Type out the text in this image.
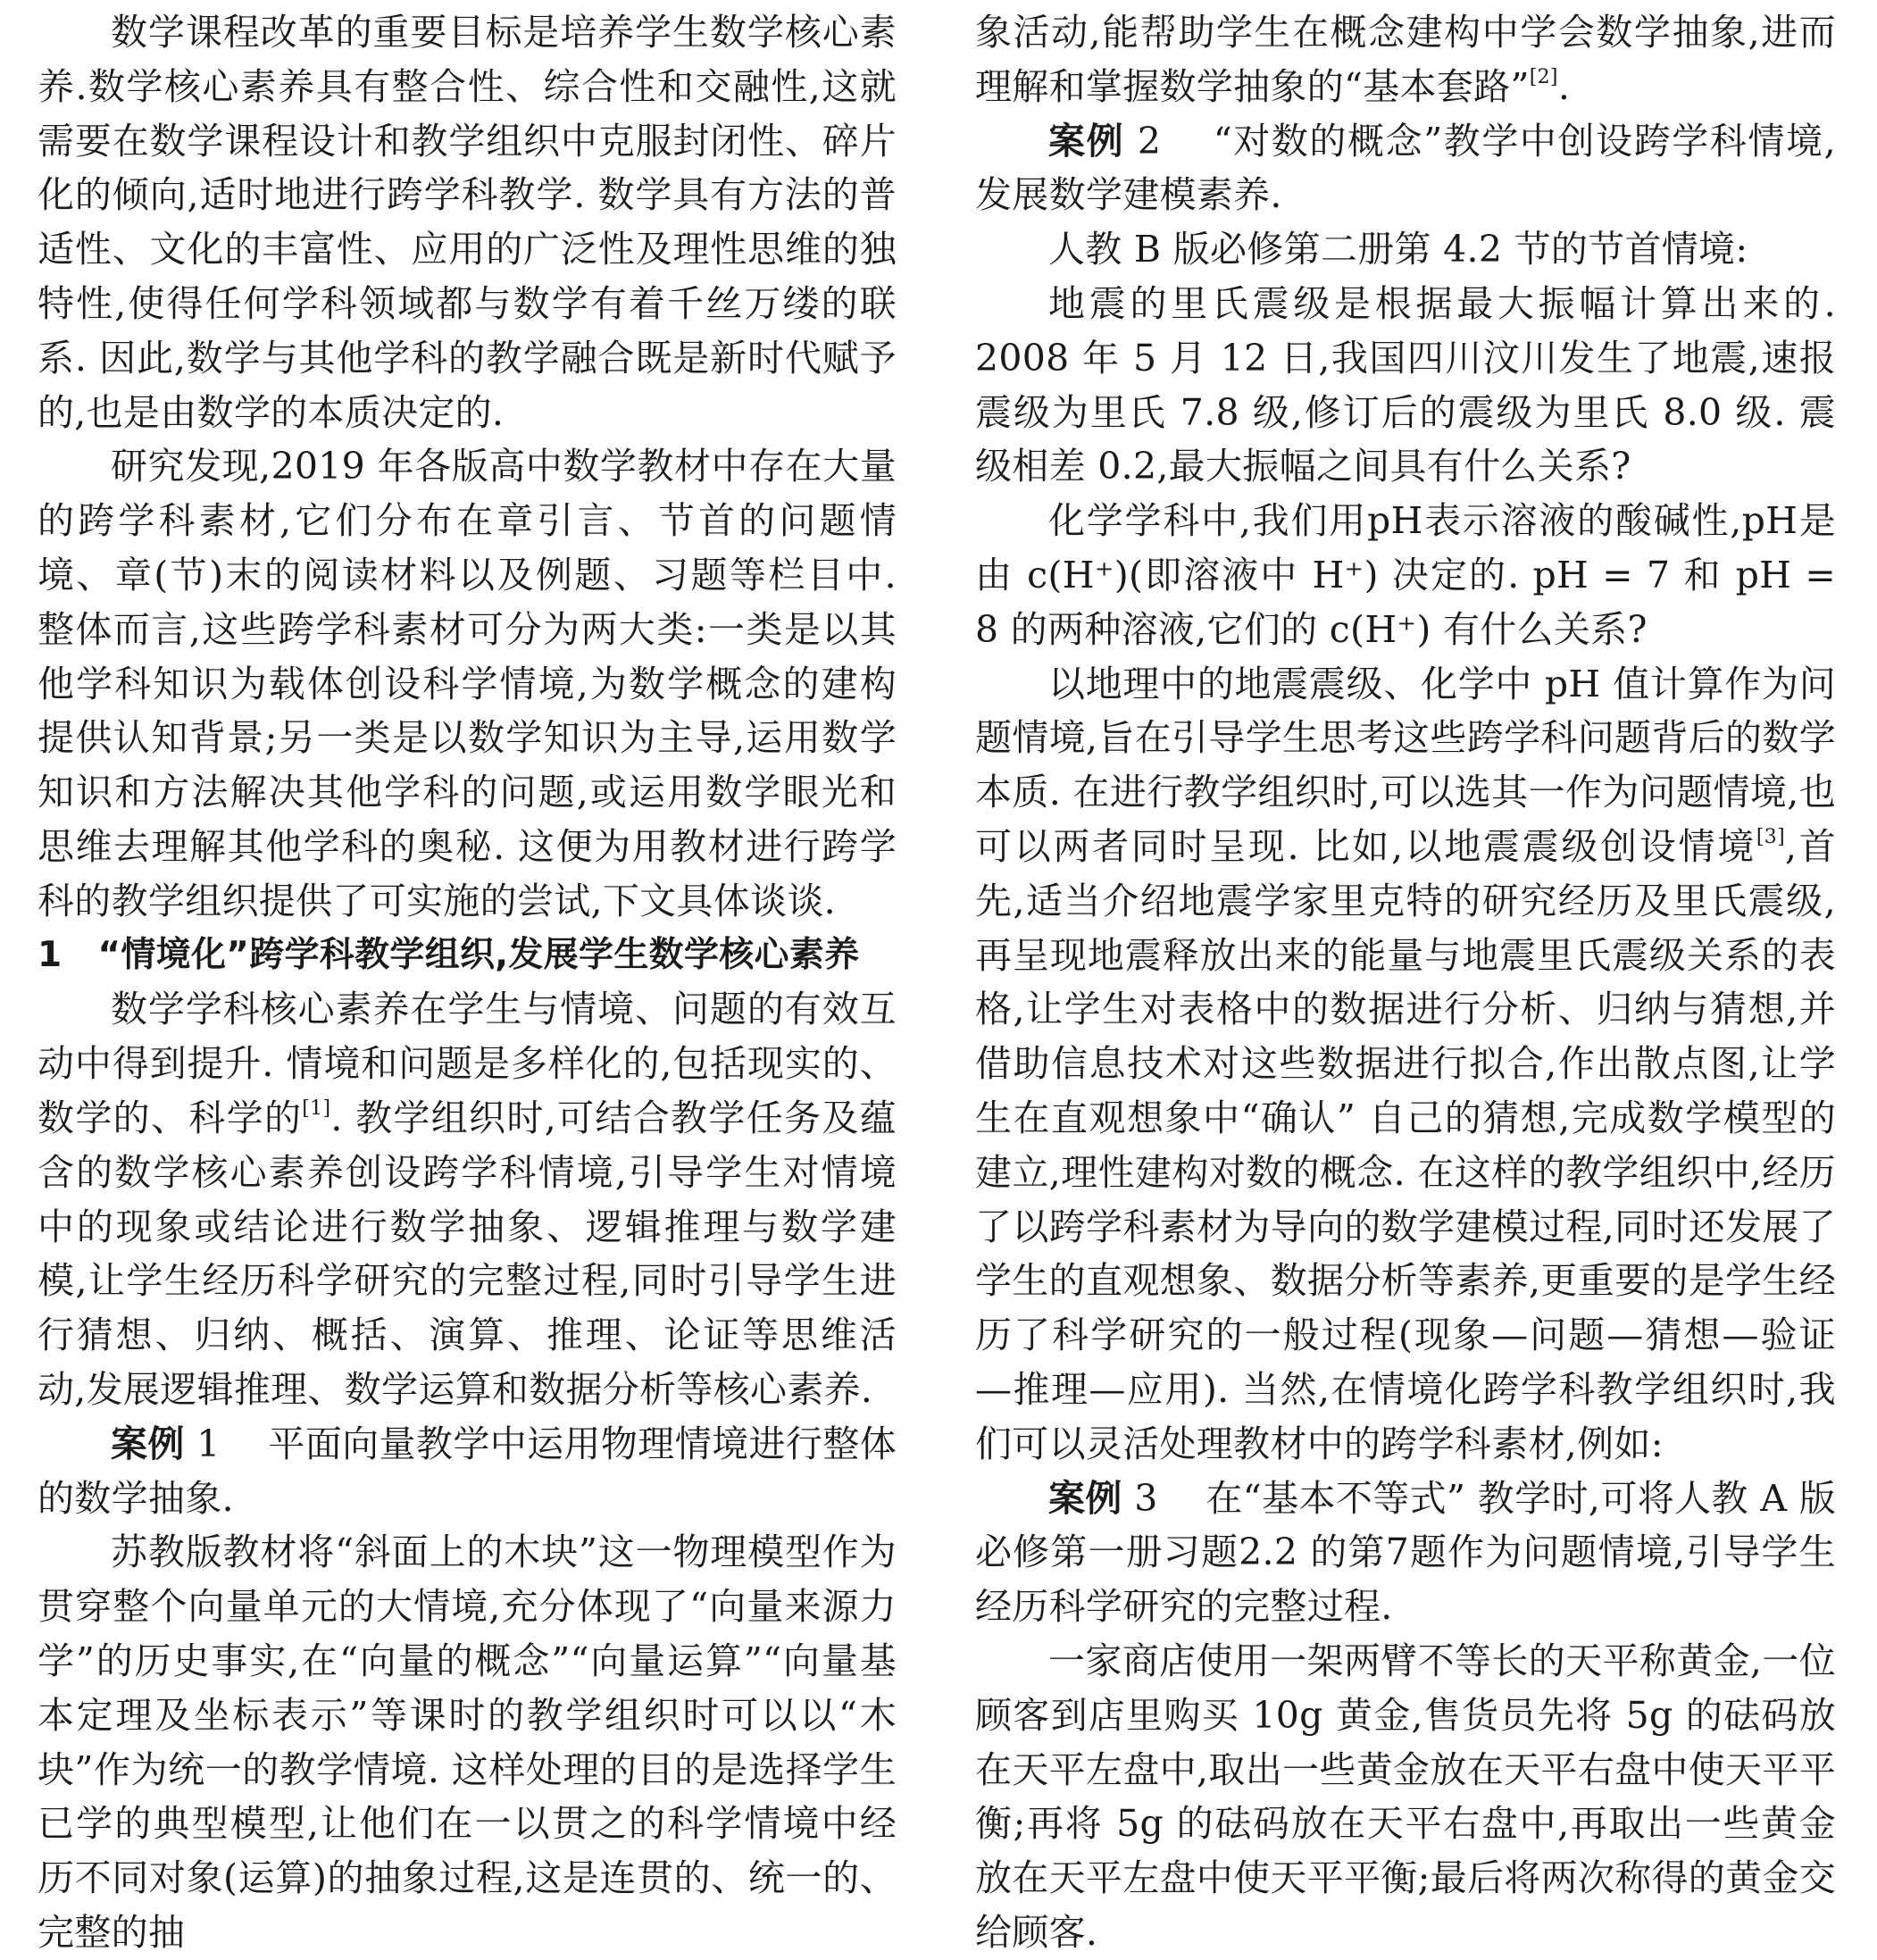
数学课程改革的重要目标是培养学生数学核心素养.数学核心素养具有整合性、综合性和交融性,这就需要在数学课程设计和教学组织中克服封闭性、碎片化的倾向,适时地进行跨学科教学. 数学具有方法的普适性、文化的丰富性、应用的广泛性及理性思维的独特性,使得任何学科领域都与数学有着千丝万缕的联系. 因此,数学与其他学科的教学融合既是新时代赋予的,也是由数学的本质决定的.

研究发现,2019 年各版高中数学教材中存在大量的跨学科素材,它们分布在章引言、节首的问题情境、章(节)末的阅读材料以及例题、习题等栏目中. 整体而言,这些跨学科素材可分为两大类:一类是以其他学科知识为载体创设科学情境,为数学概念的建构提供认知背景;另一类是以数学知识为主导,运用数学知识和方法解决其他学科的问题,或运用数学眼光和思维去理解其他学科的奥秘. 这便为用教材进行跨学科的教学组织提供了可实施的尝试,下文具体谈谈.

1 “情境化”跨学科教学组织,发展学生数学核心素养

数学学科核心素养在学生与情境、问题的有效互动中得到提升. 情境和问题是多样化的,包括现实的、数学的、科学的[1]. 教学组织时,可结合教学任务及蕴含的数学核心素养创设跨学科情境,引导学生对情境中的现象或结论进行数学抽象、逻辑推理与数学建模,让学生经历科学研究的完整过程,同时引导学生进行猜想、归纳、概括、演算、推理、论证等思维活动,发展逻辑推理、数学运算和数据分析等核心素养.

案例 1 平面向量教学中运用物理情境进行整体的数学抽象.

苏教版教材将“斜面上的木块”这一物理模型作为贯穿整个向量单元的大情境,充分体现了“向量来源力学”的历史事实,在“向量的概念”“向量运算”“向量基本定理及坐标表示”等课时的教学组织时可以以“木块”作为统一的教学情境. 这样处理的目的是选择学生已学的典型模型,让他们在一以贯之的科学情境中经历不同对象(运算)的抽象过程,这是连贯的、统一的、完整的抽

象活动,能帮助学生在概念建构中学会数学抽象,进而理解和掌握数学抽象的“基本套路”[2].

案例 2 “对数的概念”教学中创设跨学科情境,发展数学建模素养.

人教 B 版必修第二册第 4.2 节的节首情境:

地震的里氏震级是根据最大振幅计算出来的. 2008 年 5 月 12 日,我国四川汶川发生了地震,速报震级为里氏 7.8 级,修订后的震级为里氏 8.0 级. 震级相差 0.2,最大振幅之间具有什么关系?

化学学科中,我们用pH表示溶液的酸碱性,pH是由 c(H⁺)(即溶液中 H⁺) 决定的. pH = 7 和 pH = 8 的两种溶液,它们的 c(H⁺) 有什么关系?

以地理中的地震震级、化学中 pH 值计算作为问题情境,旨在引导学生思考这些跨学科问题背后的数学本质. 在进行教学组织时,可以选其一作为问题情境,也可以两者同时呈现. 比如,以地震震级创设情境[3],首先,适当介绍地震学家里克特的研究经历及里氏震级,再呈现地震释放出来的能量与地震里氏震级关系的表格,让学生对表格中的数据进行分析、归纳与猜想,并借助信息技术对这些数据进行拟合,作出散点图,让学生在直观想象中“确认” 自己的猜想,完成数学模型的建立,理性建构对数的概念. 在这样的教学组织中,经历了以跨学科素材为导向的数学建模过程,同时还发展了学生的直观想象、数据分析等素养,更重要的是学生经历了科学研究的一般过程(现象—问题—猜想—验证—推理—应用). 当然,在情境化跨学科教学组织时,我们可以灵活处理教材中的跨学科素材,例如:

案例 3 在“基本不等式” 教学时,可将人教 A 版必修第一册习题2.2 的第7题作为问题情境,引导学生经历科学研究的完整过程.

一家商店使用一架两臂不等长的天平称黄金,一位顾客到店里购买 10g 黄金,售货员先将 5g 的砝码放在天平左盘中,取出一些黄金放在天平右盘中使天平平衡;再将 5g 的砝码放在天平右盘中,再取出一些黄金放在天平左盘中使天平平衡;最后将两次称得的黄金交给顾客.
